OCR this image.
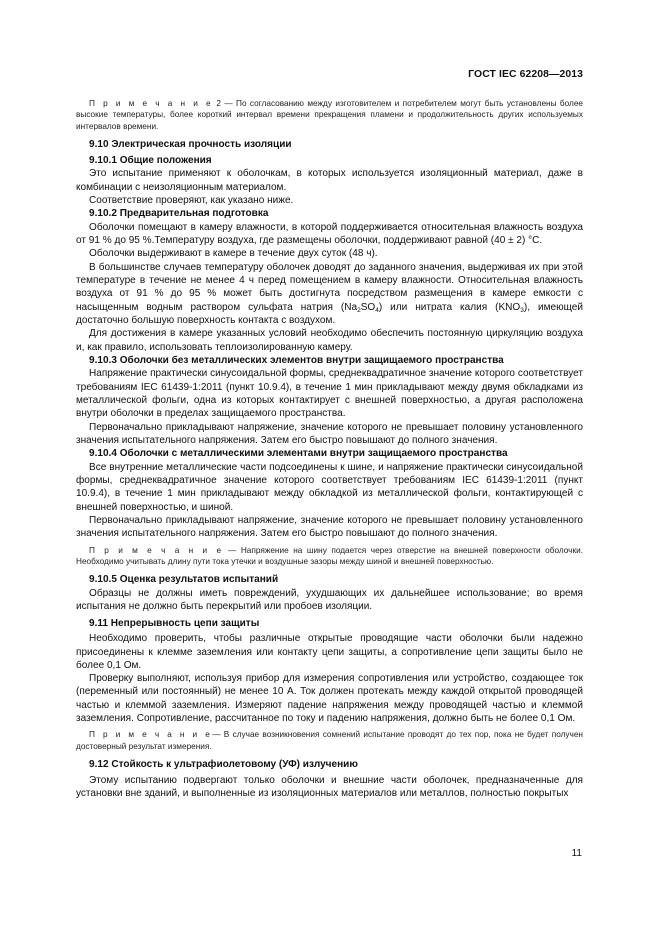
ГОСТ IEC 62208—2013

П р и м е ч а н и е 2 — По согласованию между изготовителем и потребителем могут быть установлены более высокие температуры, более короткий интервал времени прекращения пламени и продолжительность других используемых интервалов времени.

9.10 Электрическая прочность изоляции

9.10.1 Общие положения

Это испытание применяют к оболочкам, в которых используется изоляционный материал, даже в комбинации с неизоляционным материалом.

Соответствие проверяют, как указано ниже.

9.10.2 Предварительная подготовка

Оболочки помещают в камеру влажности, в которой поддерживается относительная влажность воздуха от 91 % до 95 %.Температуру воздуха, где размещены оболочки, поддерживают равной (40 ± 2) °С.

Оболочки выдерживают в камере в течение двух суток (48 ч).

В большинстве случаев температуру оболочек доводят до заданного значения, выдерживая их при этой температуре в течение не менее 4 ч перед помещением в камеру влажности. Относительная влажность воздуха от 91 % до 95 % может быть достигнута посредством размещения в камере емкости с насыщенным водным раствором сульфата натрия $(Na_2SO_4)$ или нитрата калия $(KNO_3)$, имеющей достаточно большую поверхность контакта с воздухом.

Для достижения в камере указанных условий необходимо обеспечить постоянную циркуляцию воздуха и, как правило, использовать теплоизолированную камеру.

9.10.3 Оболочки без металлических элементов внутри защищаемого пространства

Напряжение практически синусоидальной формы, среднеквадратичное значение которого соответствует требованиям IEC 61439-1:2011 (пункт 10.9.4), в течение 1 мин прикладывают между двумя обкладками из металлической фольги, одна из которых контактирует с внешней поверхностью, а другая расположена внутри оболочки в пределах защищаемого пространства.

Первоначально прикладывают напряжение, значение которого не превышает половину установленного значения испытательного напряжения. Затем его быстро повышают до полного значения.

9.10.4 Оболочки с металлическими элементами внутри защищаемого пространства

Все внутренние металлические части подсоединены к шине, и напряжение практически синусоидальной формы, среднеквадратичное значение которого соответствует требованиям IEC 61439-1:2011 (пункт 10.9.4), в течение 1 мин прикладывают между обкладкой из металлической фольги, контактирующей с внешней поверхностью, и шиной.

Первоначально прикладывают напряжение, значение которого не превышает половину установленного значения испытательного напряжения. Затем его быстро повышают до полного значения.

П р и м е ч а н и е — Напряжение на шину подается через отверстие на внешней поверхности оболочки. Необходимо учитывать длину пути тока утечки и воздушные зазоры между шиной и внешней поверхностью.

9.10.5 Оценка результатов испытаний

Образцы не должны иметь повреждений, ухудшающих их дальнейшее использование; во время испытания не должно быть перекрытий или пробоев изоляции.

9.11 Непрерывность цепи защиты

Необходимо проверить, чтобы различные открытые проводящие части оболочки были надежно присоединены к клемме заземления или контакту цепи защиты, а сопротивление цепи защиты было не более 0,1 Ом.

Проверку выполняют, используя прибор для измерения сопротивления или устройство, создающее ток (переменный или постоянный) не менее 10 А. Ток должен протекать между каждой открытой проводящей частью и клеммой заземления. Измеряют падение напряжения между проводящей частью и клеммой заземления. Сопротивление, рассчитанное по току и падению напряжения, должно быть не более 0,1 Ом.

П р и м е ч а н и е— В случае возникновения сомнений испытание проводят до тех пор, пока не будет получен достоверный результат измерения.

9.12 Стойкость к ультрафиолетовому (УФ) излучению

Этому испытанию подвергают только оболочки и внешние части оболочек, предназначенные для установки вне зданий, и выполненные из изоляционных материалов или металлов, полностью покрытых

11
